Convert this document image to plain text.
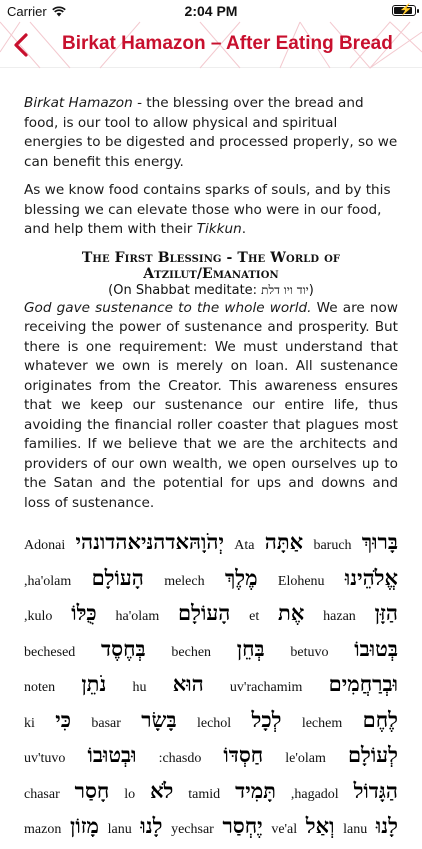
Carrier	2:04 PM	⚡
Birkat Hamazon – After Eating Bread

Birkat Hamazon - the blessing over the bread and food, is our tool to allow physical and spiritual energies to be digested and processed properly, so we can benefit this energy.

As we know food contains sparks of souls, and by this blessing we can elevate those who were in our food, and help them with their Tikkun.

The First Blessing - The World of Atzilut/Emanation
(On Shabbat meditate: יוד ויו דלת)

God gave sustenance to the whole world. We are now receiving the power of sustenance and prosperity. But there is one requirement: We must understand that whatever we own is merely on loan. All sustenance originates from the Creator. This awareness ensures that we keep our sustenance our entire life, thus avoiding the financial roller coaster that plagues most families. If we believe that we are the architects and providers of our own wealth, we open ourselves up to the Satan and the potential for ups and downs and loss of sustenance.

Adonai יְהֹוָהּאדהנּיאהדונהי Ata אַתָּה baruch בָּרוּךְ
,ha'olam הָעוֹלָם melech מֶלֶךְ Elohenu אֱלֹהֵינוּ
,kulo כֻּלּוֹ ha'olam הָעוֹלָם et אֶת hazan הַזָּן
bechesed בְּחֶסֶד bechen בְּחֵן betuvo בְּטוּבוֹ
noten נֹתֵן hu הוּא uv'rachamim וּבְרַחֲמִים
ki כִּי basar בָּשָׂר lechol לְכָל lechem לֶחֶם
uv'tuvo וּבְטוּבוֹ :chasdo חַסְדּוֹ le'olam לְעוֹלָם
chasar חָסַר lo לֹא tamid תָּמִיד ,hagadol הַגָּדוֹל
mazon מָזוֹן lanu לָנוּ yechsar יֶחְסַר ve'al וְאַל lanu לָנוּ
